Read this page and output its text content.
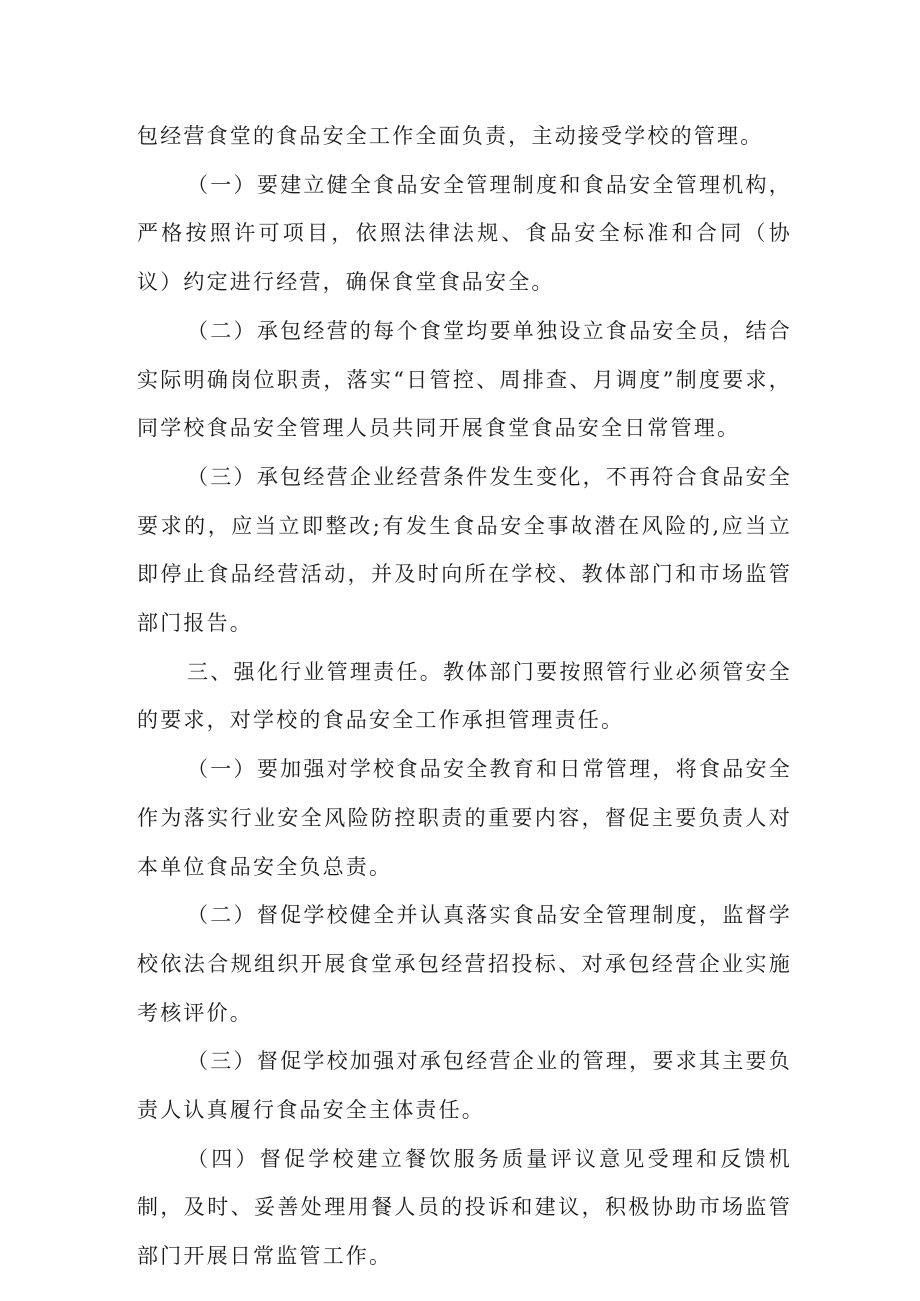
包经营食堂的食品安全工作全面负责，主动接受学校的管理。

（一）要建立健全食品安全管理制度和食品安全管理机构，严格按照许可项目，依照法律法规、食品安全标准和合同（协议）约定进行经营，确保食堂食品安全。

（二）承包经营的每个食堂均要单独设立食品安全员，结合实际明确岗位职责，落实“日管控、周排查、月调度”制度要求，同学校食品安全管理人员共同开展食堂食品安全日常管理。

（三）承包经营企业经营条件发生变化，不再符合食品安全要求的，应当立即整改;有发生食品安全事故潜在风险的,应当立即停止食品经营活动，并及时向所在学校、教体部门和市场监管部门报告。

三、强化行业管理责任。教体部门要按照管行业必须管安全的要求，对学校的食品安全工作承担管理责任。

（一）要加强对学校食品安全教育和日常管理，将食品安全作为落实行业安全风险防控职责的重要内容，督促主要负责人对本单位食品安全负总责。

（二）督促学校健全并认真落实食品安全管理制度，监督学校依法合规组织开展食堂承包经营招投标、对承包经营企业实施考核评价。

（三）督促学校加强对承包经营企业的管理，要求其主要负责人认真履行食品安全主体责任。

（四）督促学校建立餐饮服务质量评议意见受理和反馈机制，及时、妥善处理用餐人员的投诉和建议，积极协助市场监管部门开展日常监管工作。
